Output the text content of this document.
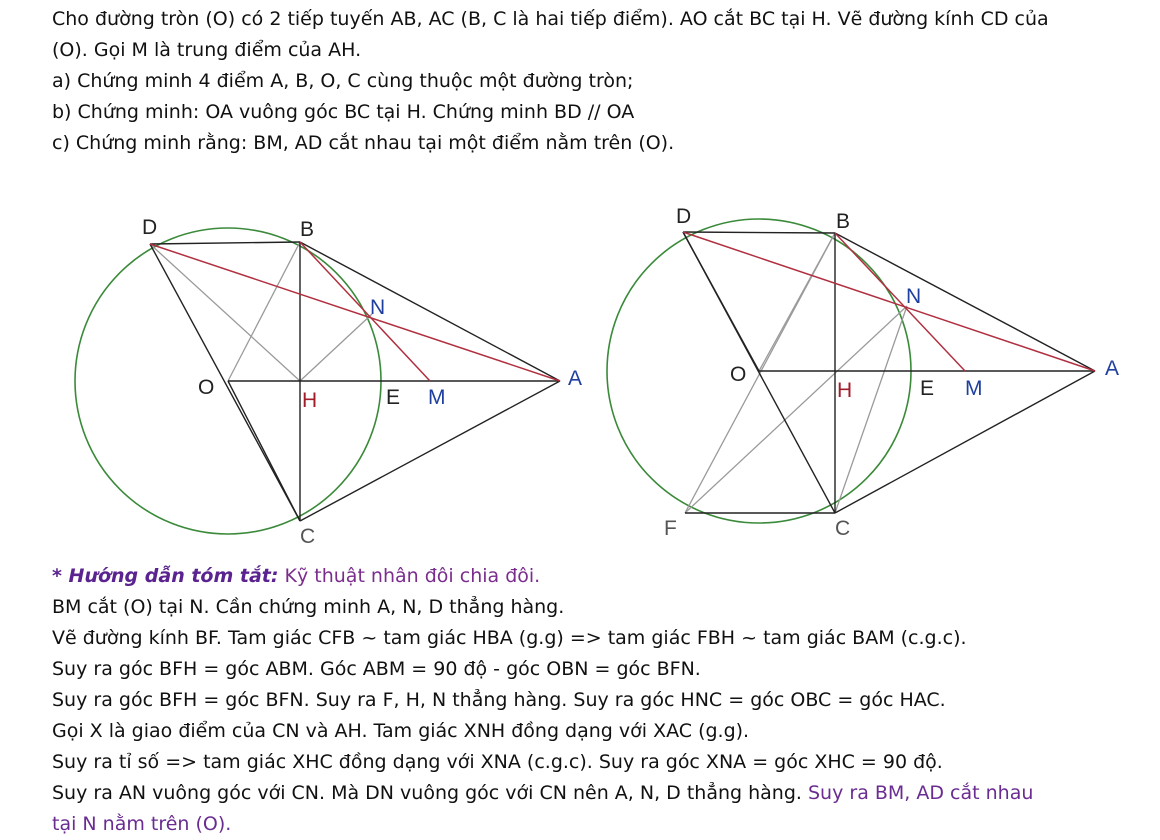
Cho đường tròn (O) có 2 tiếp tuyến AB, AC (B, C là hai tiếp điểm). AO cắt BC tại H. Vẽ đường kính CD của

(O). Gọi M là trung điểm của AH.

a) Chứng minh 4 điểm A, B, O, C cùng thuộc một đường tròn;

b) Chứng minh: OA vuông góc BC tại H. Chứng minh BD // OA

c) Chứng minh rằng: BM, AD cắt nhau tại một điểm nằm trên (O).

D	B
N
O
H	E M
A
C
D	B
N
O
H	E M
A
C
F

* Hướng dẫn tóm tắt: Kỹ thuật nhân đôi chia đôi.

BM cắt (O) tại N. Cần chứng minh A, N, D thẳng hàng.

Vẽ đường kính BF. Tam giác CFB ~ tam giác HBA (g.g) => tam giác FBH ~ tam giác BAM (c.g.c).

Suy ra góc BFH = góc ABM. Góc ABM = 90 độ - góc OBN = góc BFN.

Suy ra góc BFH = góc BFN. Suy ra F, H, N thẳng hàng. Suy ra góc HNC = góc OBC = góc HAC.

Gọi X là giao điểm của CN và AH. Tam giác XNH đồng dạng với XAC (g.g).

Suy ra tỉ số => tam giác XHC đồng dạng với XNA (c.g.c). Suy ra góc XNA = góc XHC = 90 độ.

Suy ra AN vuông góc với CN. Mà DN vuông góc với CN nên A, N, D thẳng hàng. Suy ra BM, AD cắt nhau

tại N nằm trên (O).
